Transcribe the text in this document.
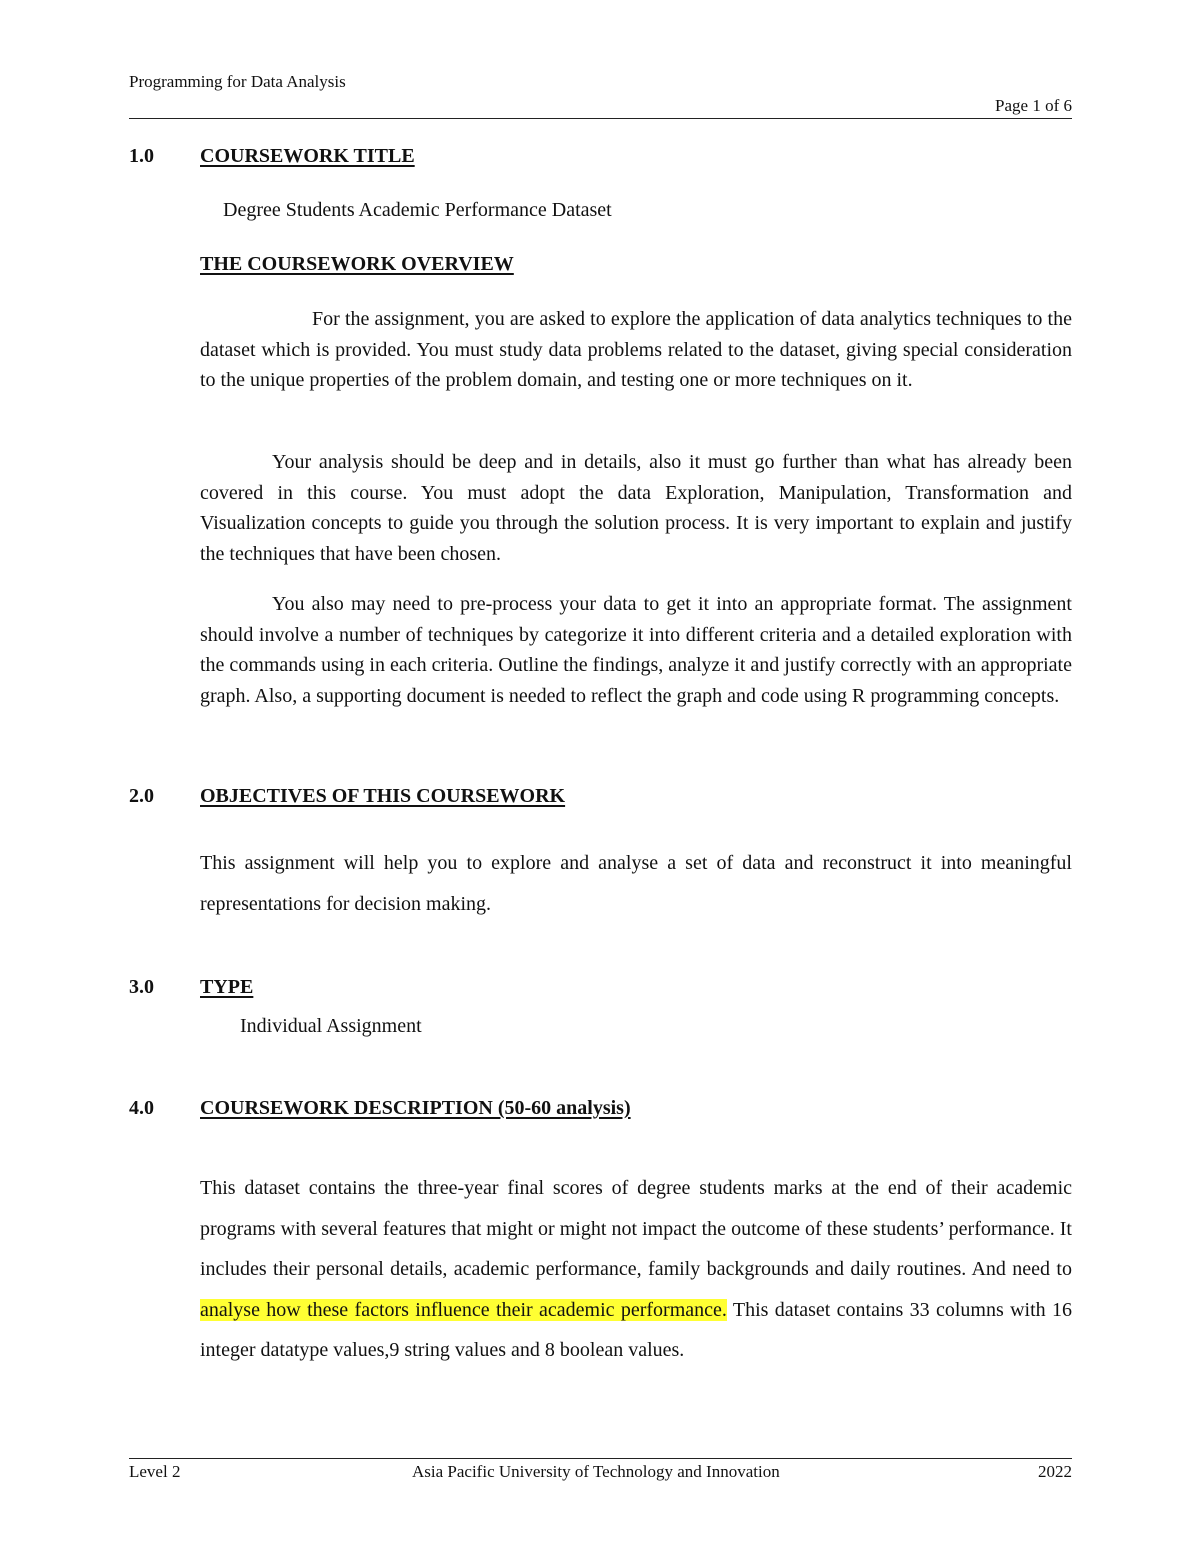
Programming for Data Analysis
Page 1 of 6
1.0 COURSEWORK TITLE
Degree Students Academic Performance Dataset
THE COURSEWORK OVERVIEW

For the assignment, you are asked to explore the application of data analytics techniques to the dataset which is provided. You must study data problems related to the dataset, giving special consideration to the unique properties of the problem domain, and testing one or more techniques on it.

Your analysis should be deep and in details, also it must go further than what has already been covered in this course. You must adopt the data Exploration, Manipulation, Transformation and Visualization concepts to guide you through the solution process. It is very important to explain and justify the techniques that have been chosen.

You also may need to pre-process your data to get it into an appropriate format. The assignment should involve a number of techniques by categorize it into different criteria and a detailed exploration with the commands using in each criteria. Outline the findings, analyze it and justify correctly with an appropriate graph. Also, a supporting document is needed to reflect the graph and code using R programming concepts.

2.0 OBJECTIVES OF THIS COURSEWORK

This assignment will help you to explore and analyse a set of data and reconstruct it into meaningful representations for decision making.

3.0 TYPE
Individual Assignment
4.0 COURSEWORK DESCRIPTION (50-60 analysis)

This dataset contains the three-year final scores of degree students marks at the end of their academic programs with several features that might or might not impact the outcome of these students’ performance. It includes their personal details, academic performance, family backgrounds and daily routines. And need to analyse how these factors influence their academic performance. This dataset contains 33 columns with 16 integer datatype values,9 string values and 8 boolean values.

Level 2	Asia Pacific University of Technology and Innovation	2022
